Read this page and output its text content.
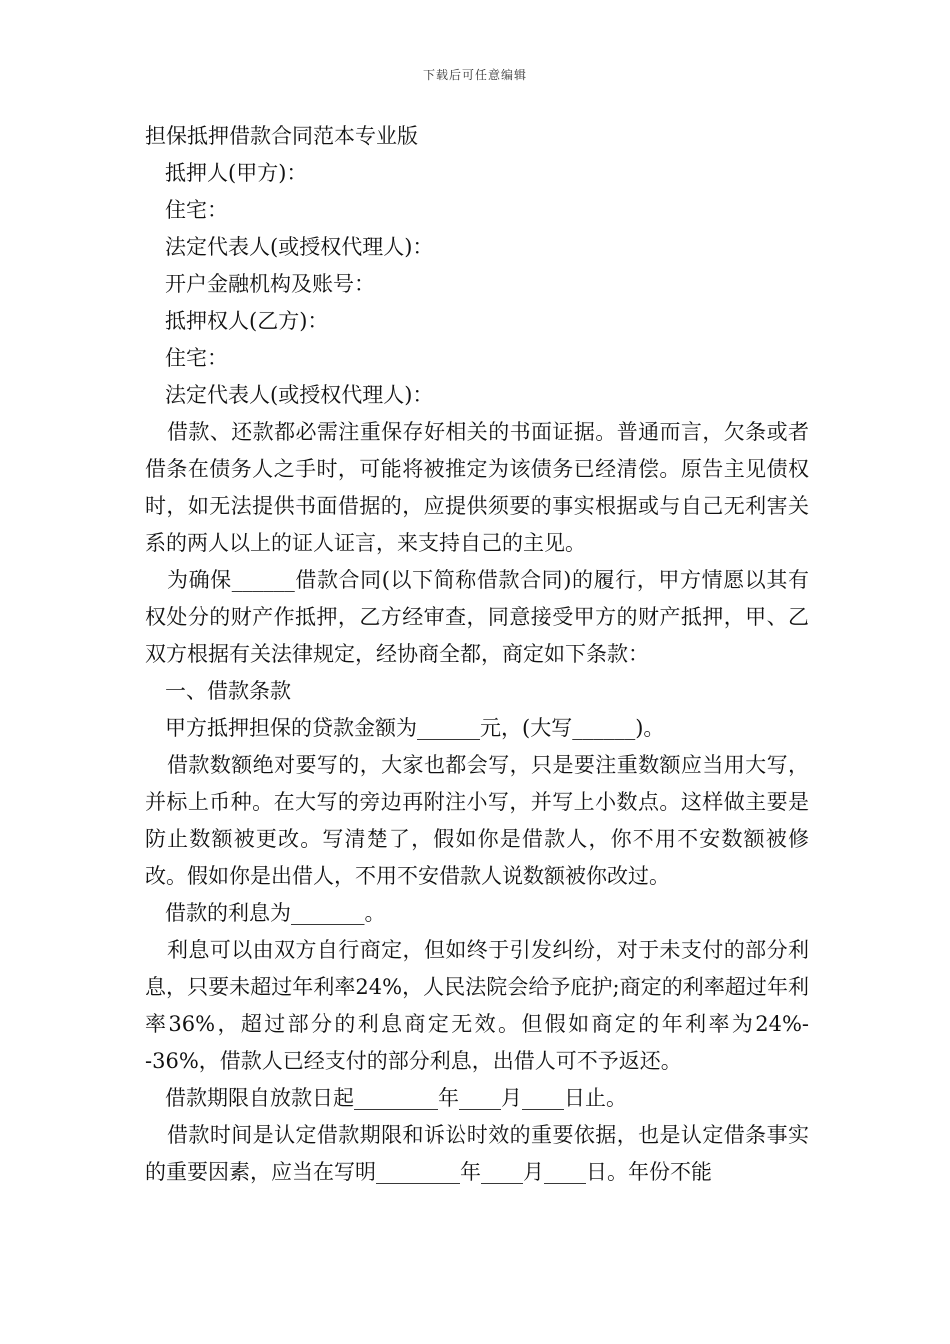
下载后可任意编辑
担保抵押借款合同范本专业版

抵押人(甲方)：

住宅：

法定代表人(或授权代理人)：

开户金融机构及账号：

抵押权人(乙方)：

住宅：

法定代表人(或授权代理人)：

借款、还款都必需注重保存好相关的书面证据。普通而言，欠条或者借条在债务人之手时，可能将被推定为该债务已经清偿。原告主见债权时，如无法提供书面借据的，应提供须要的事实根据或与自己无利害关系的两人以上的证人证言，来支持自己的主见。

为确保______借款合同(以下简称借款合同)的履行，甲方情愿以其有权处分的财产作抵押，乙方经审查，同意接受甲方的财产抵押，甲、乙双方根据有关法律规定，经协商全都，商定如下条款：

一、借款条款

甲方抵押担保的贷款金额为______元，(大写______)。

借款数额绝对要写的，大家也都会写，只是要注重数额应当用大写，并标上币种。在大写的旁边再附注小写，并写上小数点。这样做主要是防止数额被更改。写清楚了，假如你是借款人，你不用不安数额被修改。假如你是出借人，不用不安借款人说数额被你改过。

借款的利息为_______。

利息可以由双方自行商定，但如终于引发纠纷，对于未支付的部分利息，只要未超过年利率24%，人民法院会给予庇护;商定的利率超过年利率36%，超过部分的利息商定无效。但假如商定的年利率为24%--36%，借款人已经支付的部分利息，出借人可不予返还。

借款期限自放款日起________年____月____日止。

借款时间是认定借款期限和诉讼时效的重要依据，也是认定借条事实的重要因素，应当在写明________年____月____日。年份不能
